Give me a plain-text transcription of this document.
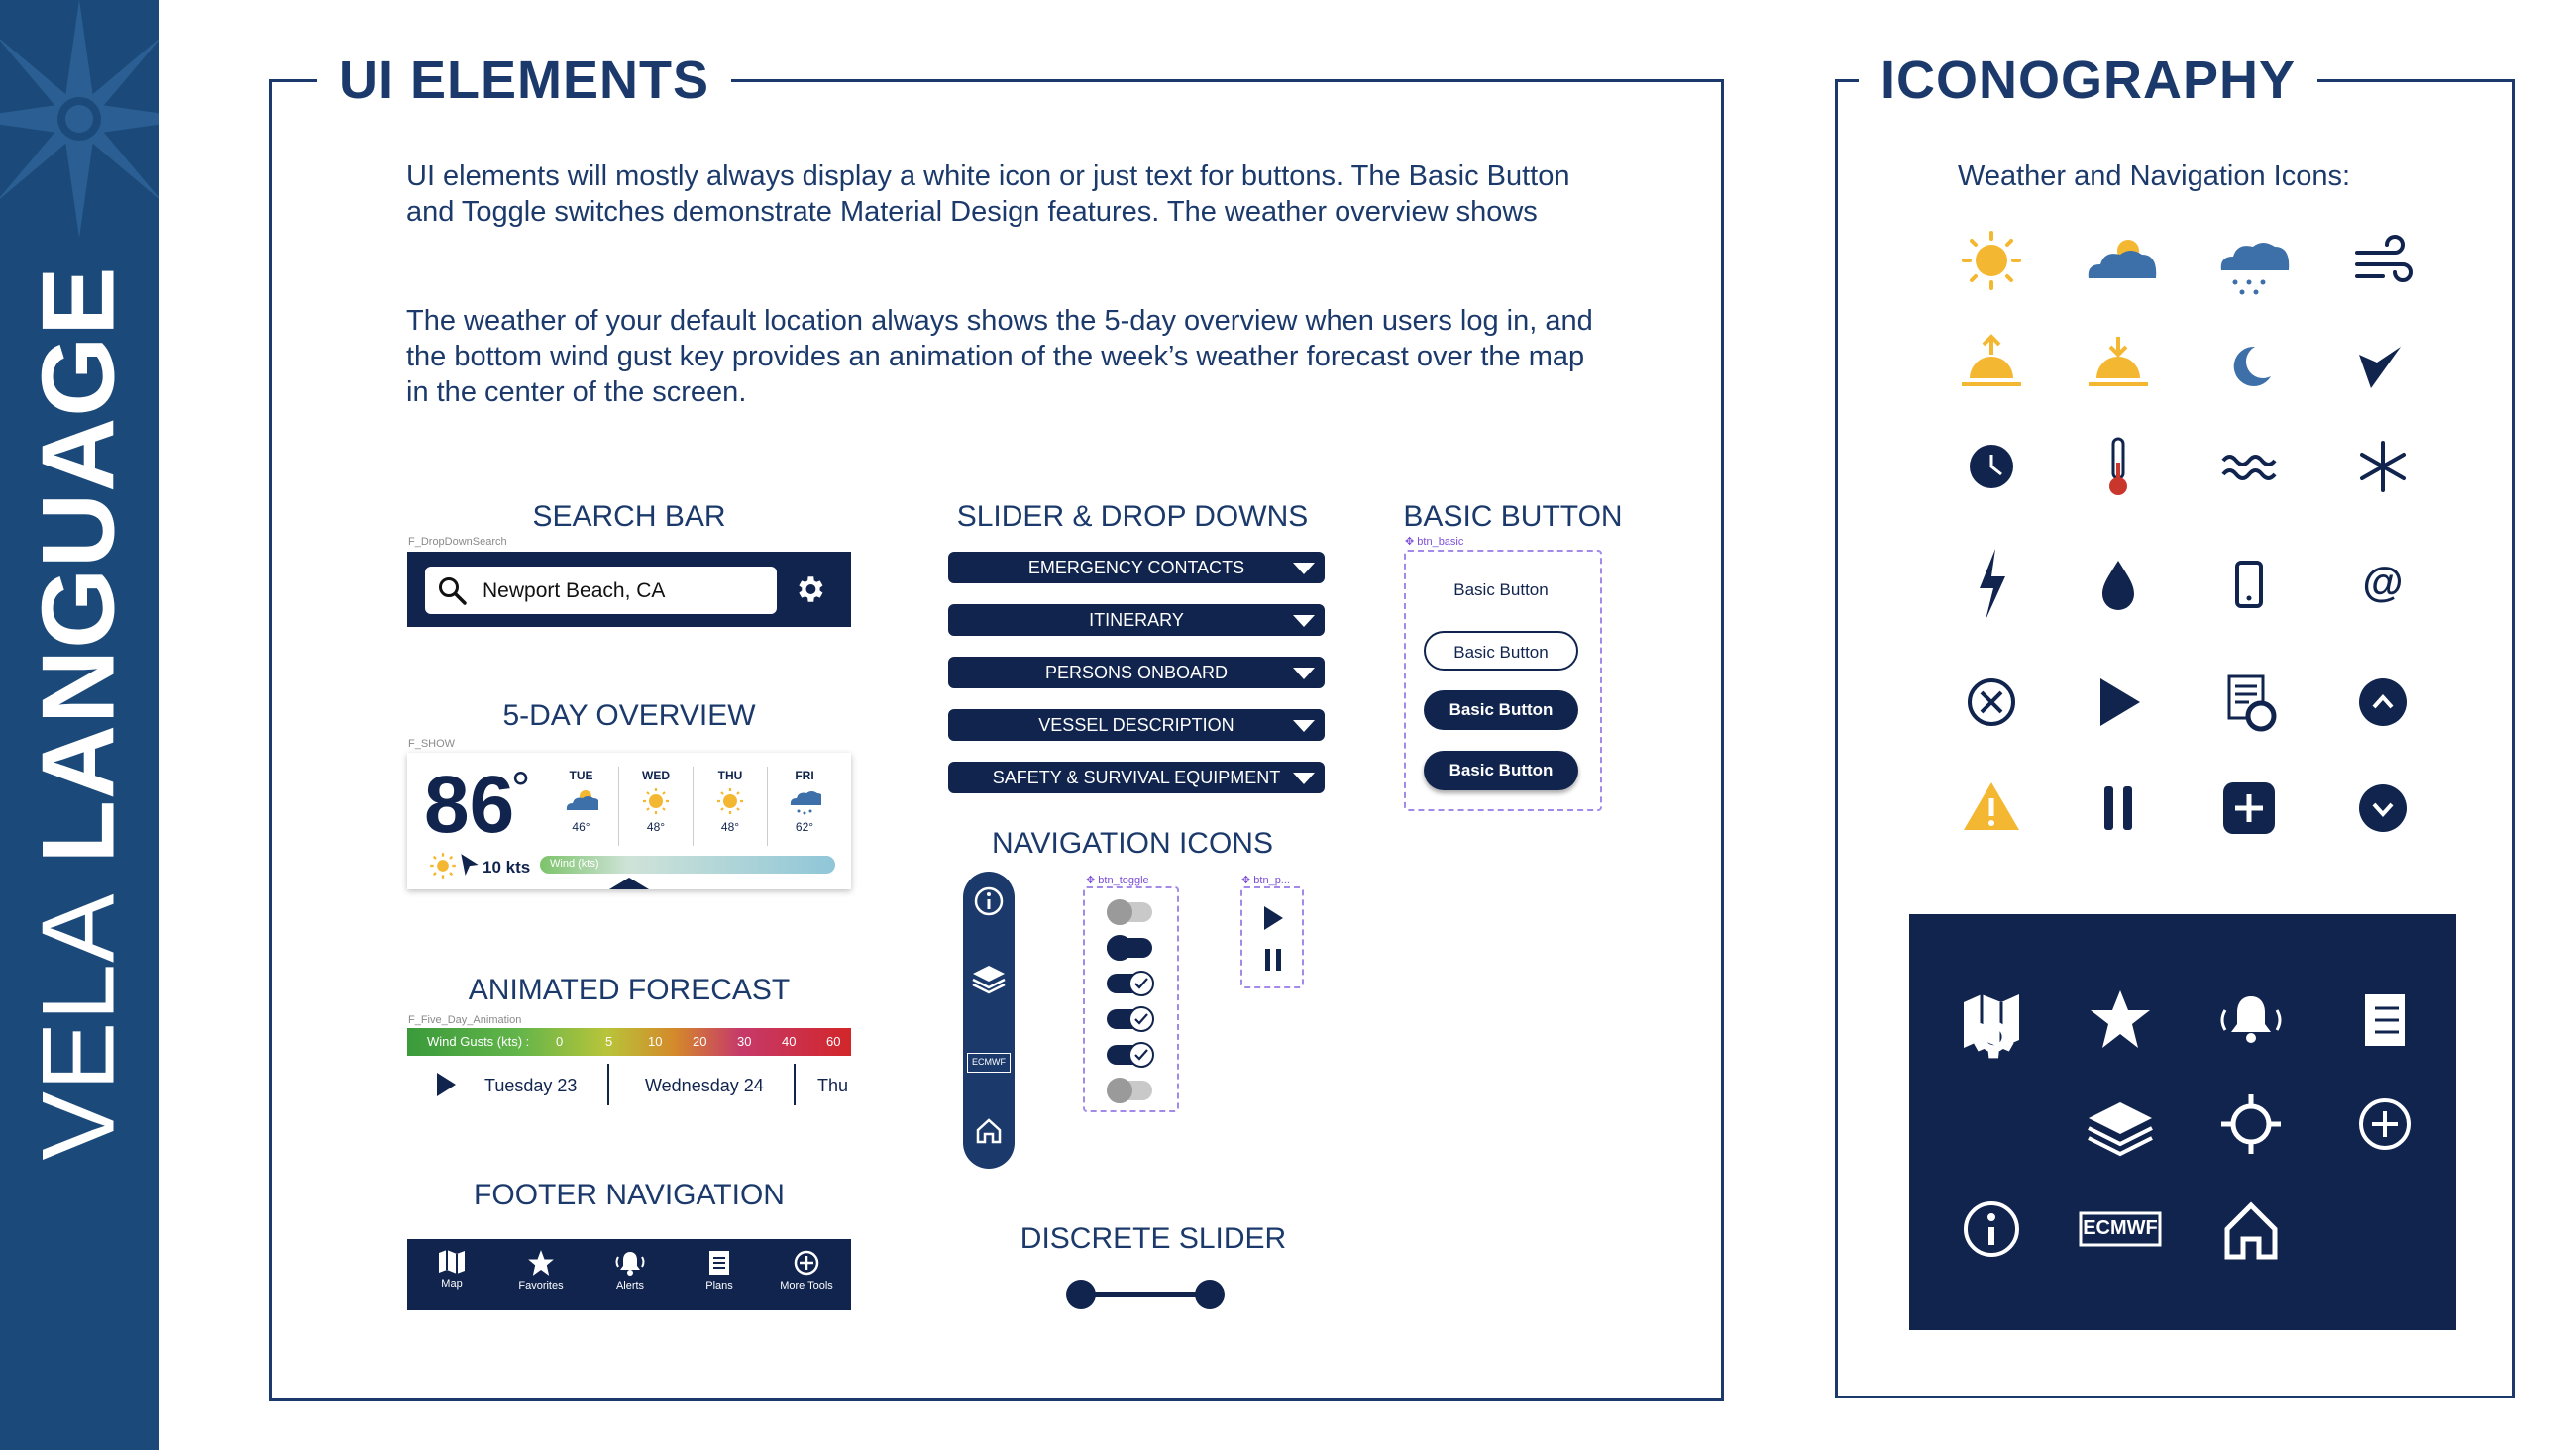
VELA LANGUAGE
UI ELEMENTS
UI elements will mostly always display a white icon or just text for buttons. The Basic Button and Toggle switches demonstrate Material Design features. The weather overview shows
The weather of your default location always shows the 5-day overview when users log in, and the bottom wind gust key provides an animation of the week’s weather forecast over the map in the center of the screen.
SEARCH BAR
F_DropDownSearch
Newport Beach, CA
5-DAY OVERVIEW
F_SHOW
86
°
10 kts Wind (kts)
TUE
46°
WED
48°
THU
48°
FRI
62°
ANIMATED FORECAST
F_Five_Day_Animation
Wind Gusts (kts) : 0	5	10 20 30 40 60
Tuesday 23	Wednesday 24	Thu
FOOTER NAVIGATION
Map	Favorites	Alerts	Plans	More Tools
SLIDER & DROP DOWNS
EMERGENCY CONTACTS
ITINERARY
PERSONS ONBOARD
VESSEL DESCRIPTION
SAFETY & SURVIVAL EQUIPMENT
NAVIGATION ICONS
ECMWF
✥ btn_toggle	✥ btn_p...
DISCRETE SLIDER
BASIC BUTTON
✥ btn_basic
Basic Button
Basic Button
Basic Button
Basic Button
ICONOGRAPHY
Weather and Navigation Icons:
@
ECMWF
